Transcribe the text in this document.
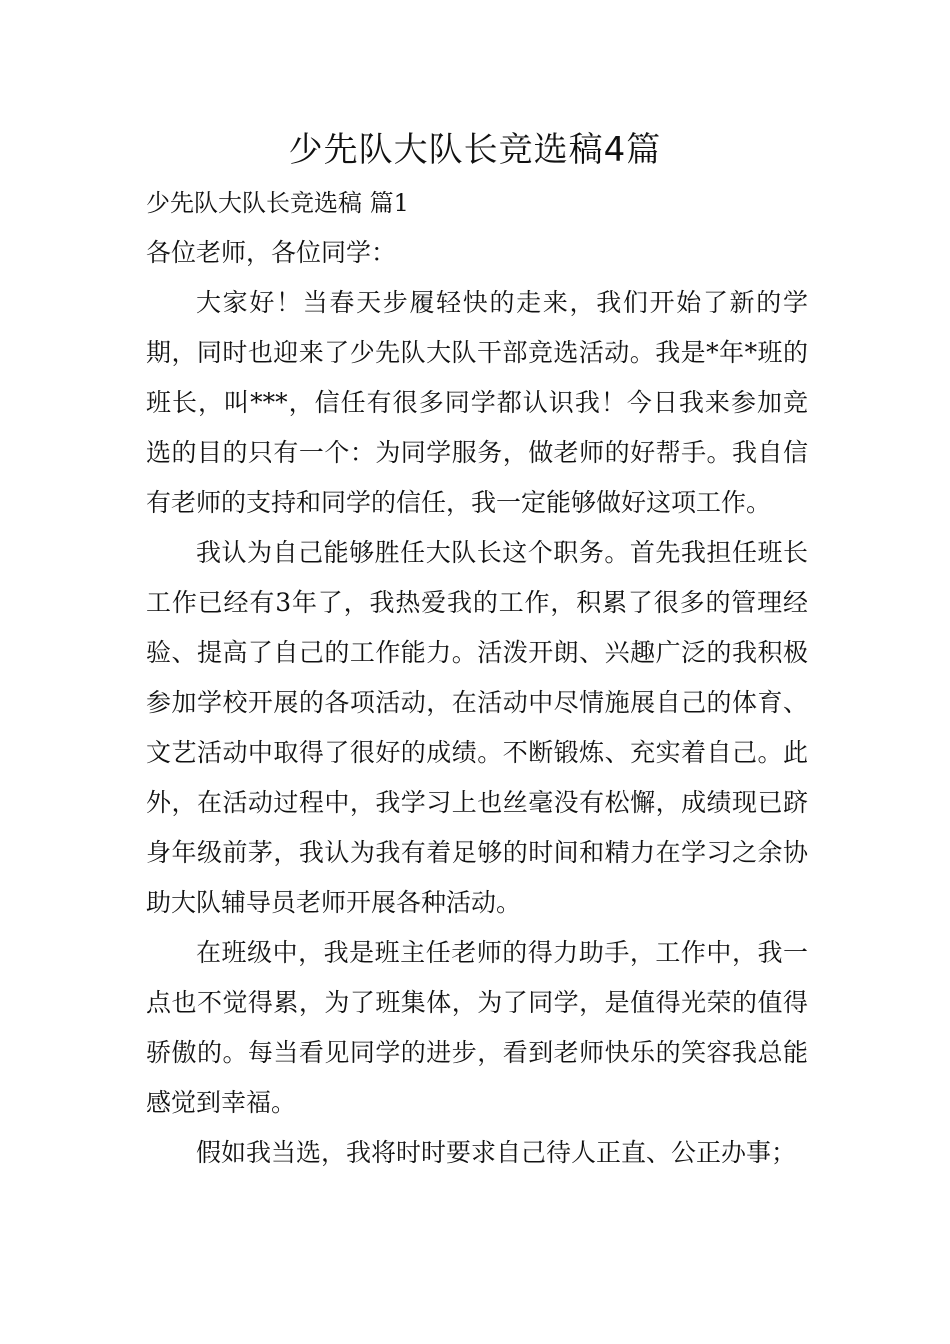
少先队大队长竞选稿4篇

少先队大队长竞选稿 篇1

各位老师，各位同学：

大家好！当春天步履轻快的走来，我们开始了新的学期，同时也迎来了少先队大队干部竞选活动。我是*年*班的班长，叫***，信任有很多同学都认识我！今日我来参加竞选的目的只有一个：为同学服务，做老师的好帮手。我自信有老师的支持和同学的信任，我一定能够做好这项工作。

我认为自己能够胜任大队长这个职务。首先我担任班长工作已经有3年了，我热爱我的工作，积累了很多的管理经验、提高了自己的工作能力。活泼开朗、兴趣广泛的我积极参加学校开展的各项活动，在活动中尽情施展自己的体育、文艺活动中取得了很好的成绩。不断锻炼、充实着自己。此外，在活动过程中，我学习上也丝毫没有松懈，成绩现已跻身年级前茅，我认为我有着足够的时间和精力在学习之余协助大队辅导员老师开展各种活动。

在班级中，我是班主任老师的得力助手，工作中，我一点也不觉得累，为了班集体，为了同学，是值得光荣的值得骄傲的。每当看见同学的进步，看到老师快乐的笑容我总能感觉到幸福。

假如我当选，我将时时要求自己待人正直、公正办事；
